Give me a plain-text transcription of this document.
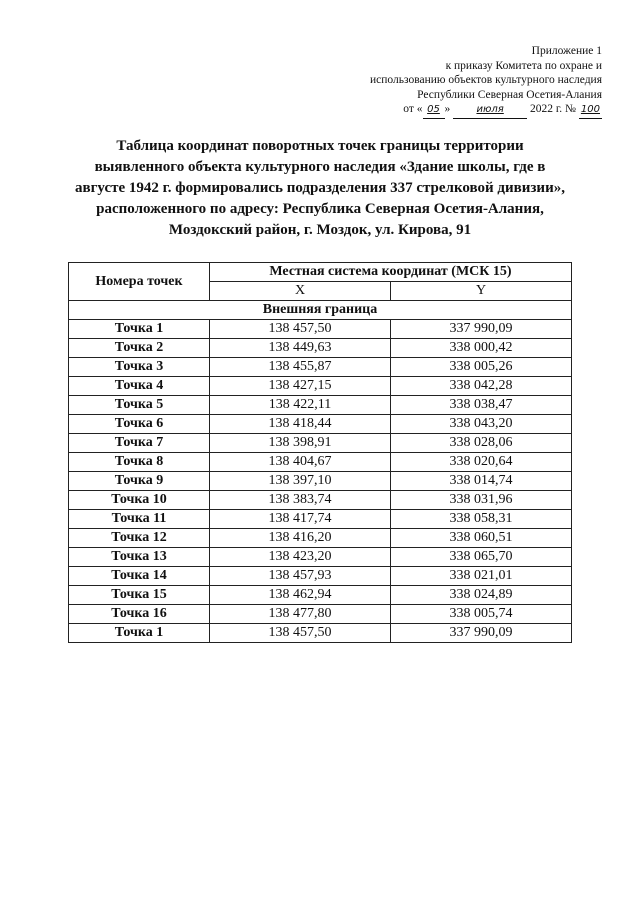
Приложение 1
к приказу Комитета по охране и
использованию объектов культурного наследия
Республики Северная Осетия-Алания
от « 05 »	июля 2022 г. № 100
Таблица координат поворотных точек границы территории
выявленного объекта культурного наследия «Здание школы, где в
августе 1942 г. формировались подразделения 337 стрелковой дивизии»,
расположенного по адресу: Республика Северная Осетия-Алания,
Моздокский район, г. Моздок, ул. Кирова, 91
Номера точек	Местная система координат (МСК 15)	
	X	Y
Внешняя граница		
Точка 1	138 457,50	337 990,09
Точка 2	138 449,63	338 000,42
Точка 3	138 455,87	338 005,26
Точка 4	138 427,15	338 042,28
Точка 5	138 422,11	338 038,47
Точка 6	138 418,44	338 043,20
Точка 7	138 398,91	338 028,06
Точка 8	138 404,67	338 020,64
Точка 9	138 397,10	338 014,74
Точка 10	138 383,74	338 031,96
Точка 11	138 417,74	338 058,31
Точка 12	138 416,20	338 060,51
Точка 13	138 423,20	338 065,70
Точка 14	138 457,93	338 021,01
Точка 15	138 462,94	338 024,89
Точка 16	138 477,80	338 005,74
Точка 1	138 457,50	337 990,09
